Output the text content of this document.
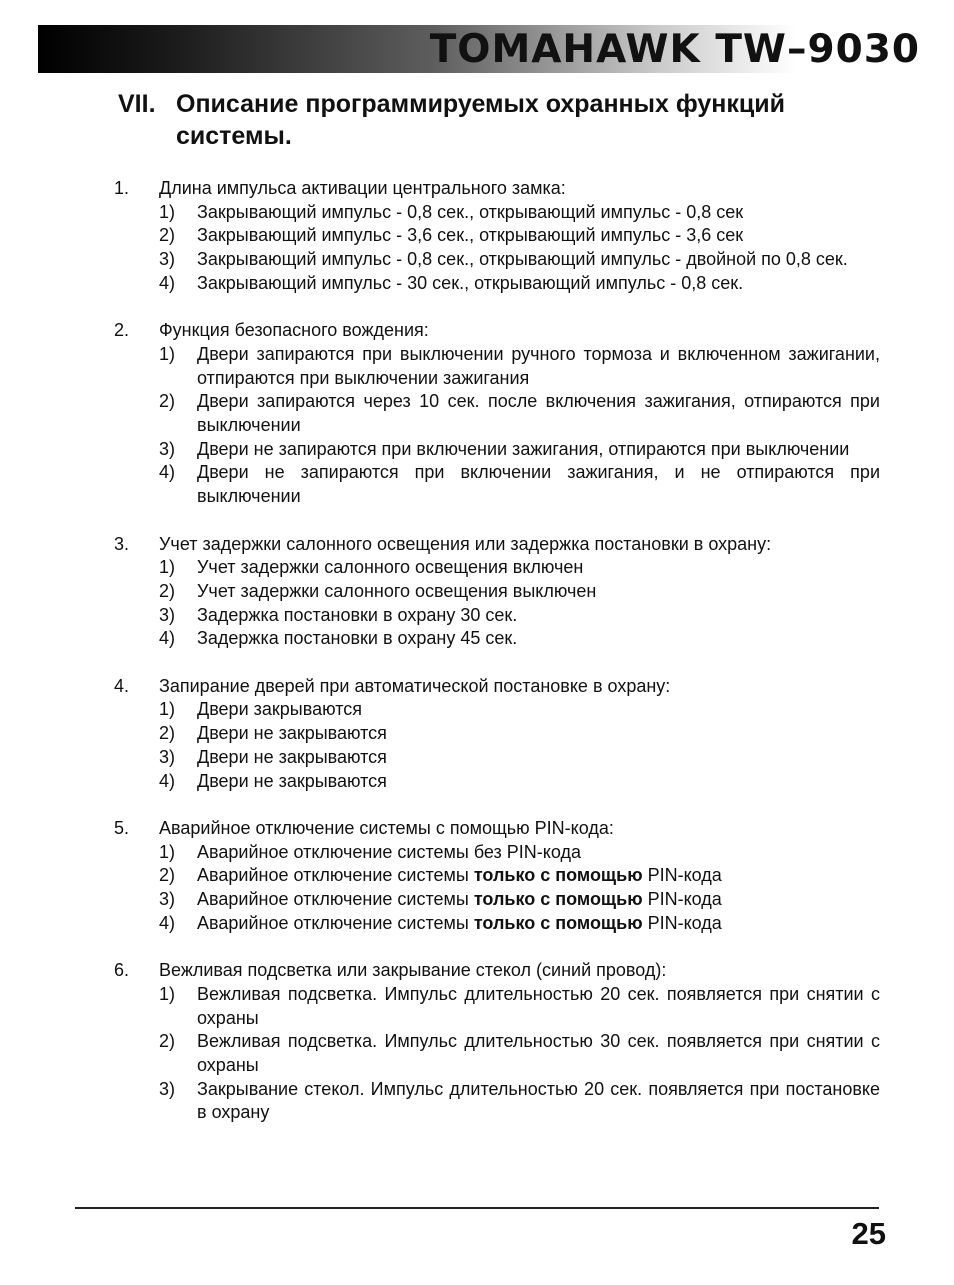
TOMAHAWK TW–9030
VII. Описание программируемых охранных функций системы.
1. Длина импульса активации центрального замка:
1) Закрывающий импульс - 0,8 сек., открывающий импульс - 0,8 сек
2) Закрывающий импульс - 3,6 сек., открывающий импульс - 3,6 сек
3) Закрывающий импульс - 0,8 сек., открывающий импульс - двойной по 0,8 сек.
4) Закрывающий импульс - 30 сек., открывающий импульс - 0,8 сек.
2. Функция безопасного вождения:
1) Двери запираются при выключении ручного тормоза и включенном зажигании, отпираются при выключении зажигания
2) Двери запираются через 10 сек. после включения зажигания, отпираются при выключении
3) Двери не запираются при включении зажигания, отпираются при выключении
4) Двери не запираются при включении зажигания, и не отпираются при выключении
3. Учет задержки салонного освещения или задержка постановки в охрану:
1) Учет задержки салонного освещения включен
2) Учет задержки салонного освещения выключен
3) Задержка постановки в охрану 30 сек.
4) Задержка постановки в охрану 45 сек.
4. Запирание дверей при автоматической постановке в охрану:
1) Двери закрываются
2) Двери не закрываются
3) Двери не закрываются
4) Двери не закрываются
5. Аварийное отключение системы с помощью PIN-кода:
1) Аварийное отключение системы без PIN-кода
2) Аварийное отключение системы только с помощью PIN-кода
3) Аварийное отключение системы только с помощью PIN-кода
4) Аварийное отключение системы только с помощью PIN-кода
6. Вежливая подсветка или закрывание стекол (синий провод):
1) Вежливая подсветка. Импульс длительностью 20 сек. появляется при снятии с охраны
2) Вежливая подсветка. Импульс длительностью 30 сек. появляется при снятии с охраны
3) Закрывание стекол. Импульс длительностью 20 сек. появляется при постановке в охрану
25
